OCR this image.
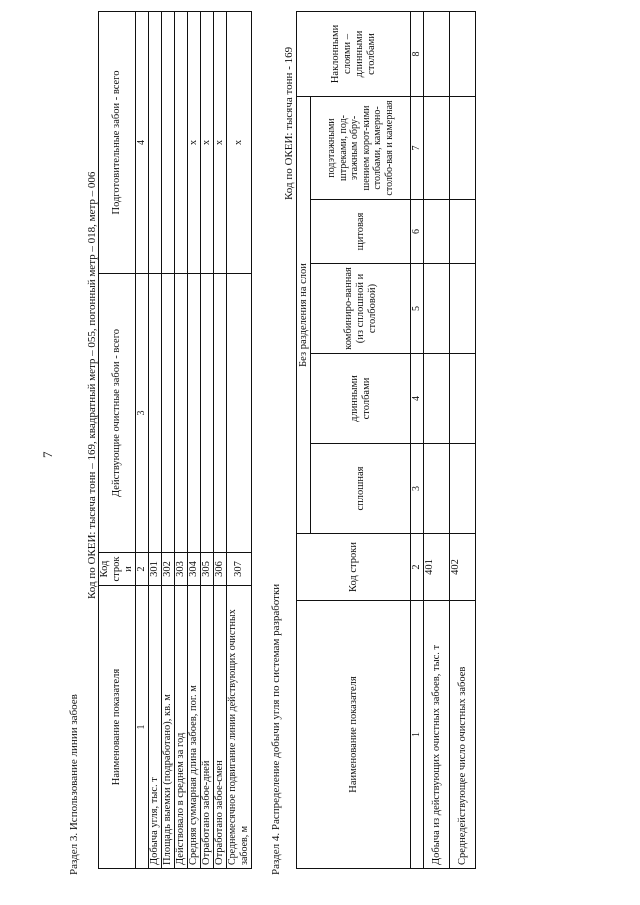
7
Раздел 3. Использование линии забоев
Код по ОКЕИ: тысяча тонн – 169, квадратный метр – 055, погонный метр – 018, метр – 006
Наименование показателя	Код строки	Действующие очистные забои - всего	Подготовительные забои - всего
1	2	3	4
Добыча угля, тыс. т	301		
Площадь выемки (подработано), кв. м	302		
Действовало в среднем за год	303		
Средняя суммарная длина забоев, пог. м	304		x
Отработано забое-дней	305		x
Отработано забое-смен	306		x
Среднемесячное подвигание линии действующих очистных забоев, м	307		x
Раздел 4. Распределение добычи угля по системам разработки
Код по ОКЕИ: тысяча тонн - 169
Наименование показателя	Код строки	Без разделения на слои					Наклонными слоями – длинными столбами
		сплошная	длинными столбами	комбиниро-ванная (из сплошной и столбовой)	щитовая	подэтажными штреками, под-этажным обру-шением корот-кими столбами, камерно-столбо-вая и камерная	
1	2	3	4	5	6	7	8
Добыча из действующих очистных забоев, тыс. т	401						
Среднедействующее число очистных забоев	402						
